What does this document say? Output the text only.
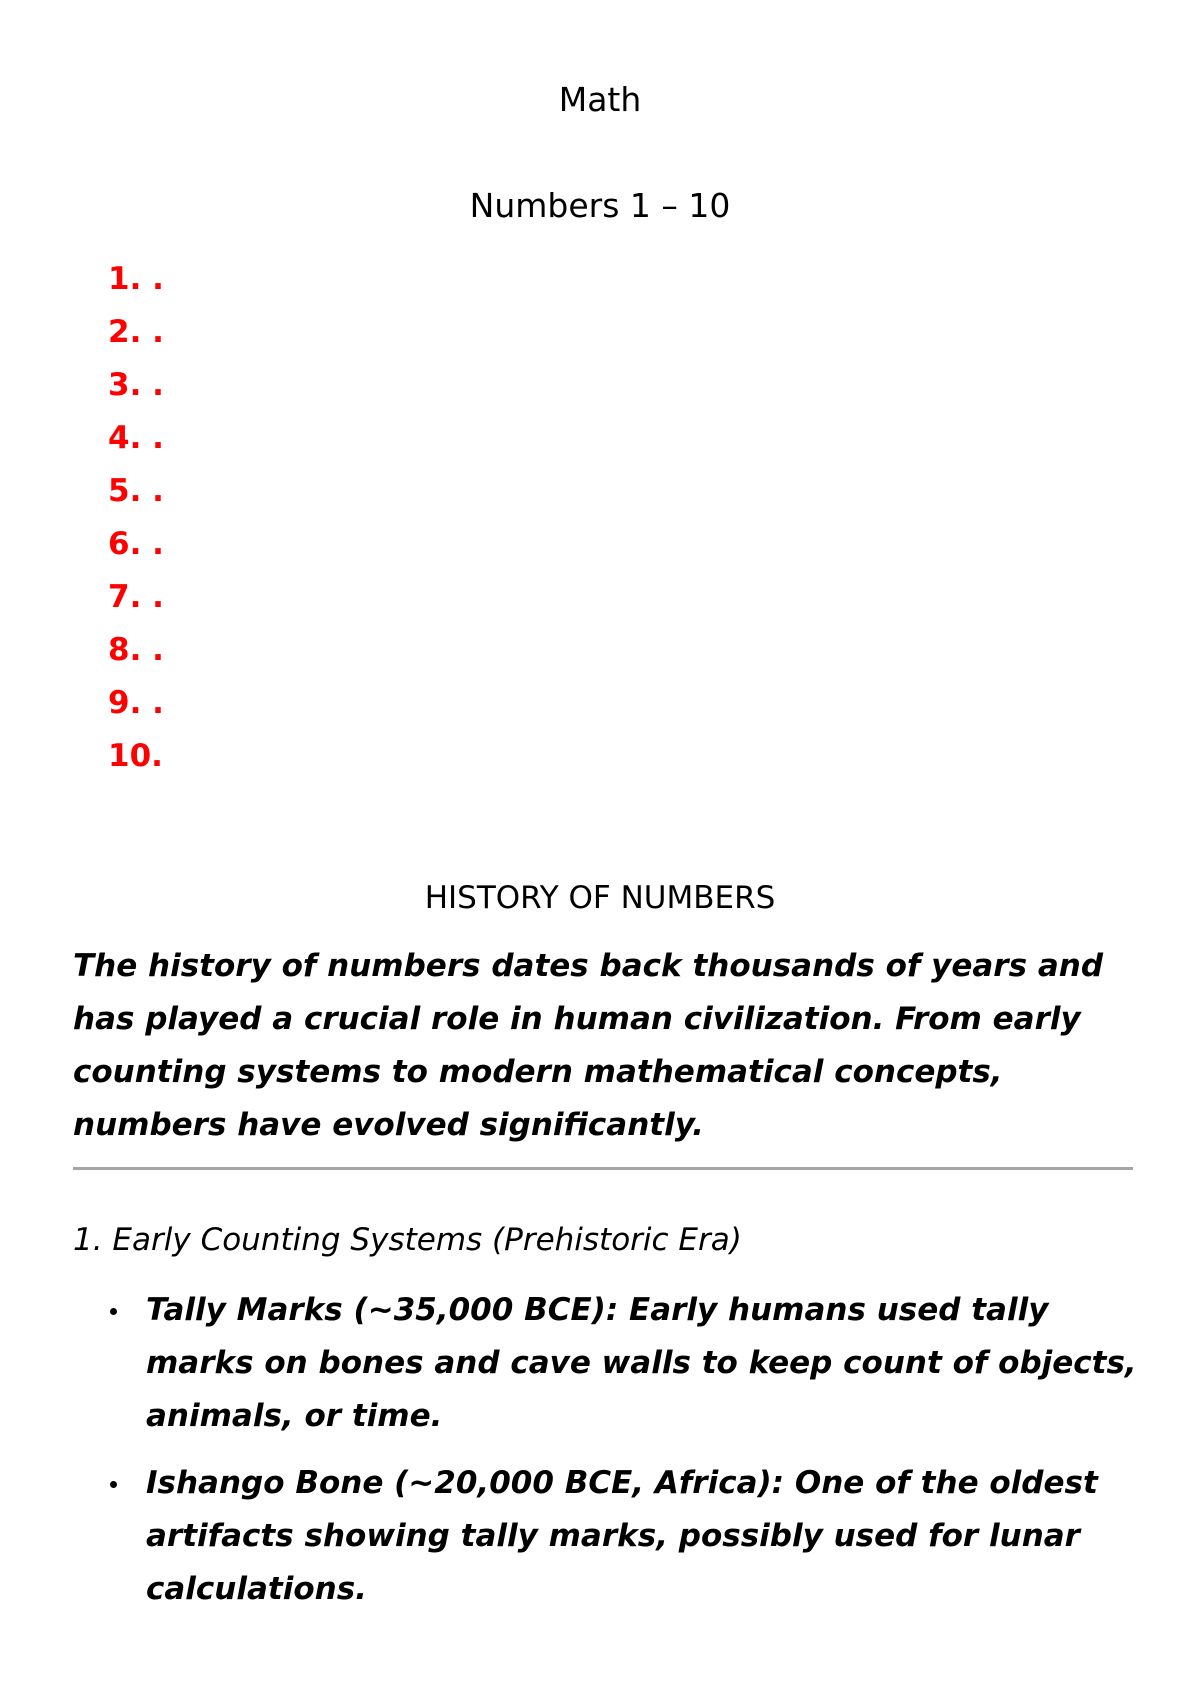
Math
Numbers 1 – 10
1. .
2. .
3. .
4. .
5. .
6. .
7. .
8. .
9. .
10.
HISTORY OF NUMBERS

The history of numbers dates back thousands of years and has played a crucial role in human civilization. From early counting systems to modern mathematical concepts, numbers have evolved significantly.

1. Early Counting Systems (Prehistoric Era)
Tally Marks (~35,000 BCE): Early humans used tally marks on bones and cave walls to keep count of objects, animals, or time.
Ishango Bone (~20,000 BCE, Africa): One of the oldest artifacts showing tally marks, possibly used for lunar calculations.
